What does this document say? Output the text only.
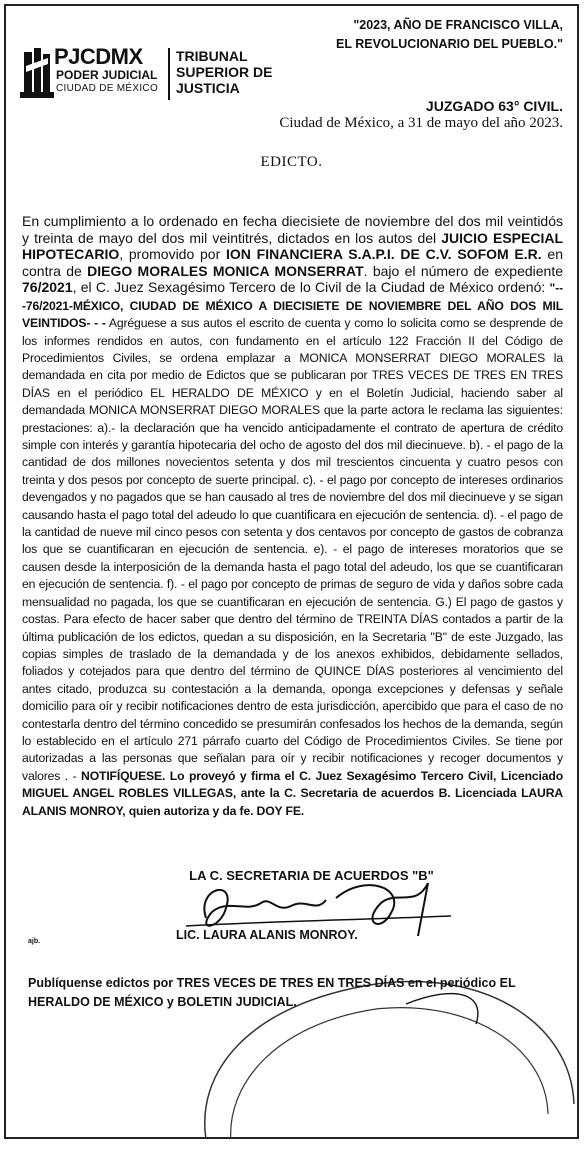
"2023, AÑO DE FRANCISCO VILLA,
EL REVOLUCIONARIO DEL PUEBLO."
PJCDMX
PODER JUDICIAL
CIUDAD DE MÉXICO
TRIBUNAL
SUPERIOR DE
JUSTICIA
JUZGADO 63° CIVIL.
Ciudad de México, a 31 de mayo del año 2023.
EDICTO.
En cumplimiento a lo ordenado en fecha diecisiete de noviembre del dos mil veintidós y treinta de mayo del dos mil veintitrés, dictados en los autos del JUICIO ESPECIAL HIPOTECARIO, promovido por ION FINANCIERA S.A.P.I. DE C.V. SOFOM E.R. en contra de DIEGO MORALES MONICA MONSERRAT. bajo el número de expediente 76/2021, el C. Juez Sexagésimo Tercero de lo Civil de la Ciudad de México ordenó: "---76/2021-MÉXICO, CIUDAD DE MÉXICO A DIECISIETE DE NOVIEMBRE DEL AÑO DOS MIL VEINTIDOS- - - Agréguese a sus autos el escrito de cuenta y como lo solicita como se desprende de los informes rendidos en autos, con fundamento en el artículo 122 Fracción II del Código de Procedimientos Civiles, se ordena emplazar a MONICA MONSERRAT DIEGO MORALES la demandada en cita por medio de Edictos que se publicaran por TRES VECES DE TRES EN TRES DÍAS en el periódico EL HERALDO DE MÉXICO y en el Boletín Judicial, haciendo saber al demandada MONICA MONSERRAT DIEGO MORALES que la parte actora le reclama las siguientes: prestaciones: a).- la declaración que ha vencido anticipadamente el contrato de apertura de crédito simple con interés y garantía hipotecaria del ocho de agosto del dos mil diecinueve. b). - el pago de la cantidad de dos millones novecientos setenta y dos mil trescientos cincuenta y cuatro pesos con treinta y dos pesos por concepto de suerte principal. c). - el pago por concepto de intereses ordinarios devengados y no pagados que se han causado al tres de noviembre del dos mil diecinueve y se sigan causando hasta el pago total del adeudo lo que cuantificara en ejecución de sentencia. d). - el pago de la cantidad de nueve mil cinco pesos con setenta y dos centavos por concepto de gastos de cobranza los que se cuantificaran en ejecución de sentencia. e). - el pago de intereses moratorios que se causen desde la interposición de la demanda hasta el pago total del adeudo, los que se cuantificaran en ejecución de sentencia. f). - el pago por concepto de primas de seguro de vida y daños sobre cada mensualidad no pagada, los que se cuantificaran en ejecución de sentencia. G.) El pago de gastos y costas. Para efecto de hacer saber que dentro del término de TREINTA DÍAS contados a partir de la última publicación de los edictos, quedan a su disposición, en la Secretaria "B" de este Juzgado, las copias simples de traslado de la demandada y de los anexos exhibidos, debidamente sellados, foliados y cotejados para que dentro del término de QUINCE DÍAS posteriores al vencimiento del antes citado, produzca su contestación a la demanda, oponga excepciones y defensas y señale domicilio para oír y recibir notificaciones dentro de esta jurisdicción, apercibido que para el caso de no contestarla dentro del término concedido se presumirán confesados los hechos de la demanda, según lo establecido en el artículo 271 párrafo cuarto del Código de Procedimientos Civiles. Se tiene por autorizadas a las personas que señalan para oír y recibir notificaciones y recoger documentos y valores . - NOTIFÍQUESE. Lo proveyó y firma el C. Juez Sexagésimo Tercero Civil, Licenciado MIGUEL ANGEL ROBLES VILLEGAS, ante la C. Secretaria de acuerdos B. Licenciada LAURA ALANIS MONROY, quien autoriza y da fe. DOY FE.
LA C. SECRETARIA DE ACUERDOS "B"
LIC. LAURA ALANIS MONROY.
ajb.
Publíquense edictos por TRES VECES DE TRES EN TRES DÍAS en el periódico EL HERALDO DE MÉXICO y BOLETIN JUDICIAL.
